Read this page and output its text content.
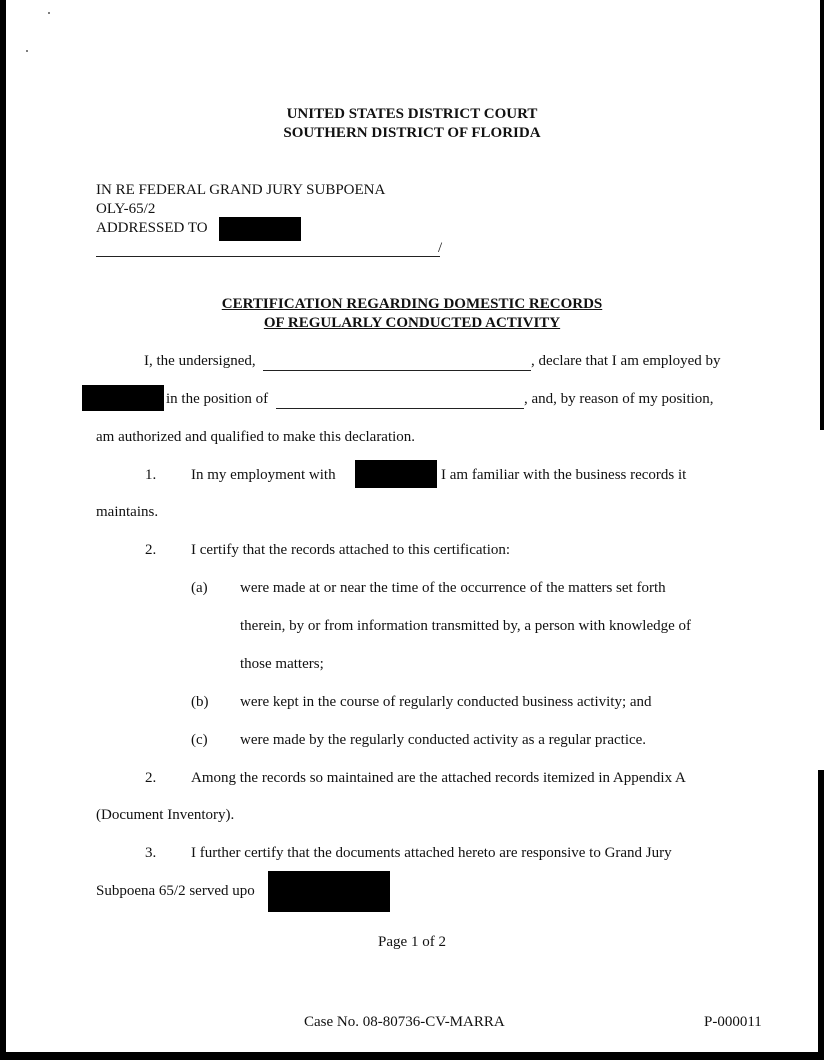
UNITED STATES DISTRICT COURT
SOUTHERN DISTRICT OF FLORIDA
IN RE FEDERAL GRAND JURY SUBPOENA
OLY-65/2
ADDRESSED TO
/
CERTIFICATION REGARDING DOMESTIC RECORDS
OF REGULARLY CONDUCTED ACTIVITY
I, the undersigned,	, declare that I am employed by
in the position of	, and, by reason of my position,
am authorized and qualified to make this declaration.
1. In my employment with	I am familiar with the business records it
maintains.
2. I certify that the records attached to this certification:
(a) were made at or near the time of the occurrence of the matters set forth
therein, by or from information transmitted by, a person with knowledge of
those matters;
(b) were kept in the course of regularly conducted business activity; and
(c) were made by the regularly conducted activity as a regular practice.
2. Among the records so maintained are the attached records itemized in Appendix A
(Document Inventory).
3. I further certify that the documents attached hereto are responsive to Grand Jury
Subpoena 65/2 served upo
Page 1 of 2
Case No. 08-80736-CV-MARRA	P-000011
